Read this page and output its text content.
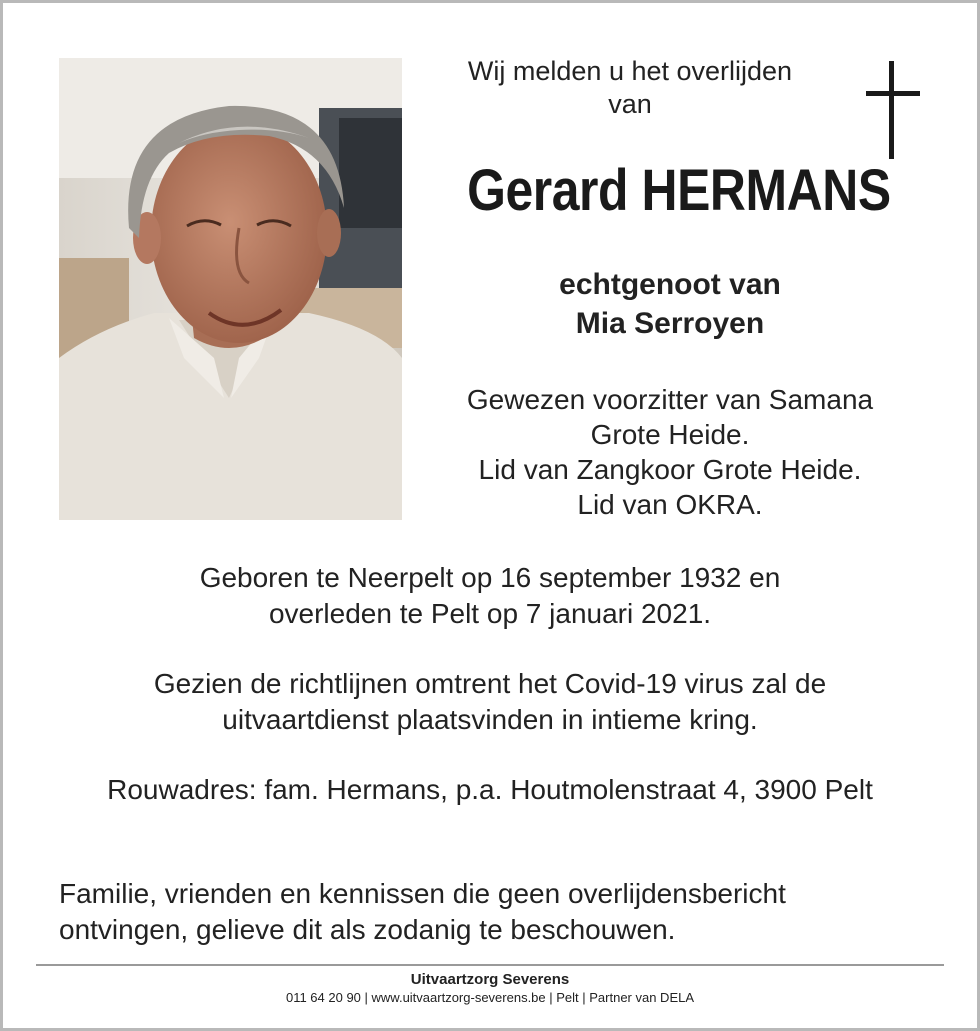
Wij melden u het overlijden
van
Gerard HERMANS
echtgenoot van
Mia Serroyen
Gewezen voorzitter van Samana
Grote Heide.
Lid van Zangkoor Grote Heide.
Lid van OKRA.
Geboren te Neerpelt op 16 september 1932 en
overleden te Pelt op 7 januari 2021.
Gezien de richtlijnen omtrent het Covid-19 virus zal de
uitvaartdienst plaatsvinden in intieme kring.
Rouwadres: fam. Hermans, p.a. Houtmolenstraat 4, 3900 Pelt
Familie, vrienden en kennissen die geen overlijdensbericht
ontvingen, gelieve dit als zodanig te beschouwen.
Uitvaartzorg Severens
011 64 20 90 | www.uitvaartzorg-severens.be | Pelt | Partner van DELA
